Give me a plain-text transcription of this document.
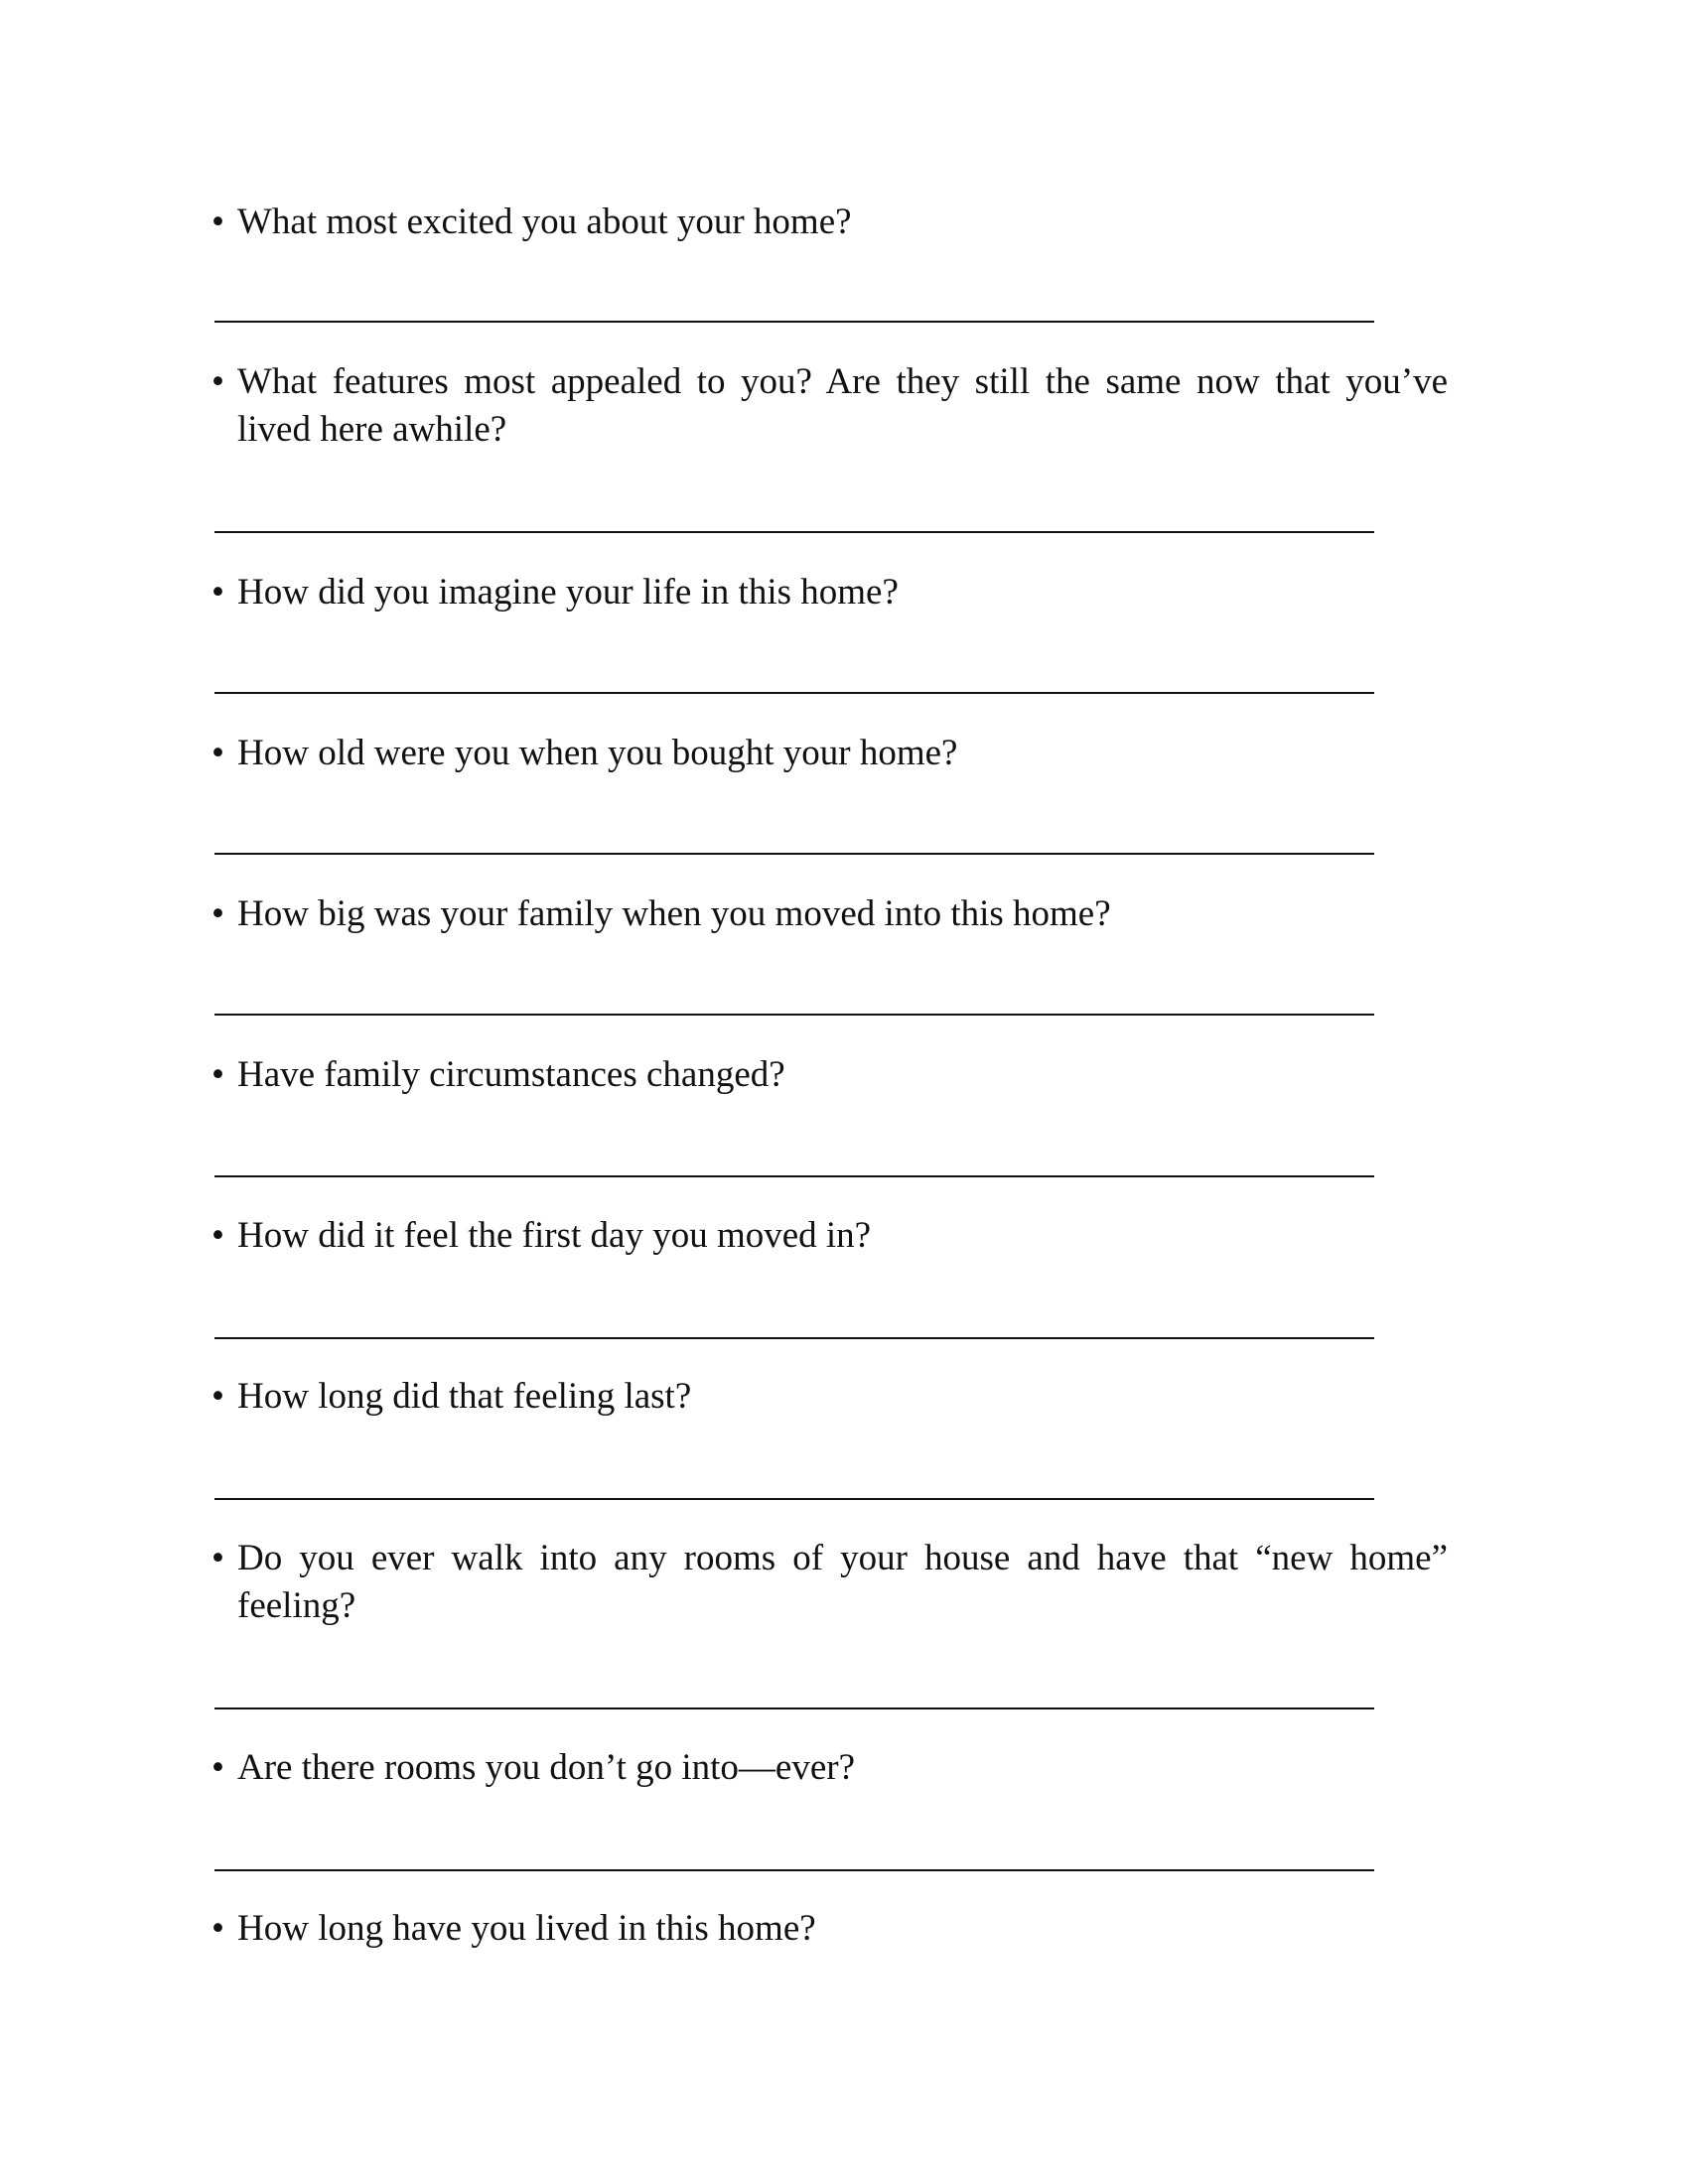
• What most excited you about your home?
• What features most appealed to you? Are they still the same now that you’ve lived here awhile?
• How did you imagine your life in this home?
• How old were you when you bought your home?
• How big was your family when you moved into this home?
• Have family circumstances changed?
• How did it feel the first day you moved in?
• How long did that feeling last?
• Do you ever walk into any rooms of your house and have that “new home” feeling?
• Are there rooms you don’t go into—ever?
• How long have you lived in this home?
